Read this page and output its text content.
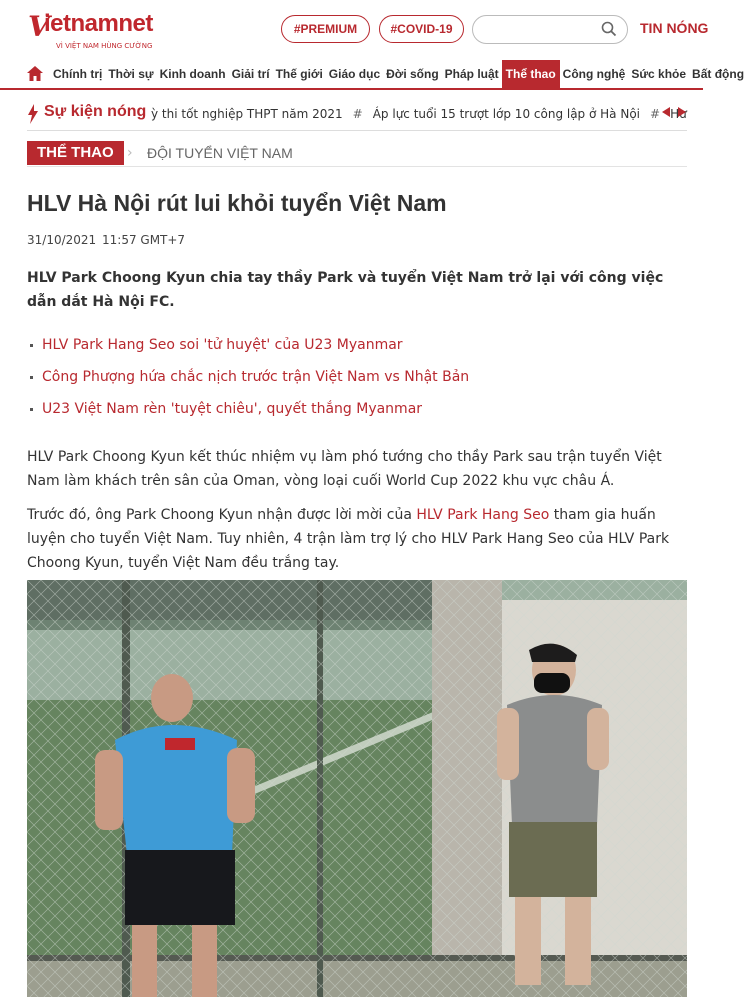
V
ietnamnet
VÌ VIỆT NAM HÙNG CƯỜNG
#PREMIUM	#COVID-19	TIN NÓNG
Chính trị Thời sự Kinh doanh Giải trí Thế giới Giáo dục Đời sống Pháp luật Thể thao Công nghệ Sức khỏe Bất động
Sự kiện nóng ỳ thi tốt nghiệp THPT năm 2021 # Áp lực tuổi 15 trượt lớp 10 công lập ở Hà Nội # Hư
THỂ THAO › ĐỘI TUYỂN VIỆT NAM
HLV Hà Nội rút lui khỏi tuyển Việt Nam
31/10/2021 11:57 GMT+7

HLV Park Choong Kyun chia tay thầy Park và tuyển Việt Nam trở lại với công việc dẫn dắt Hà Nội FC.

HLV Park Hang Seo soi 'tử huyệt' của U23 Myanmar
Công Phượng hứa chắc nịch trước trận Việt Nam vs Nhật Bản
U23 Việt Nam rèn 'tuyệt chiêu', quyết thắng Myanmar

HLV Park Choong Kyun kết thúc nhiệm vụ làm phó tướng cho thầy Park sau trận tuyển Việt Nam làm khách trên sân của Oman, vòng loại cuối World Cup 2022 khu vực châu Á.

Trước đó, ông Park Choong Kyun nhận được lời mời của HLV Park Hang Seo tham gia huấn luyện cho tuyển Việt Nam. Tuy nhiên, 4 trận làm trợ lý cho HLV Park Hang Seo của HLV Park Choong Kyun, tuyển Việt Nam đều trắng tay.
